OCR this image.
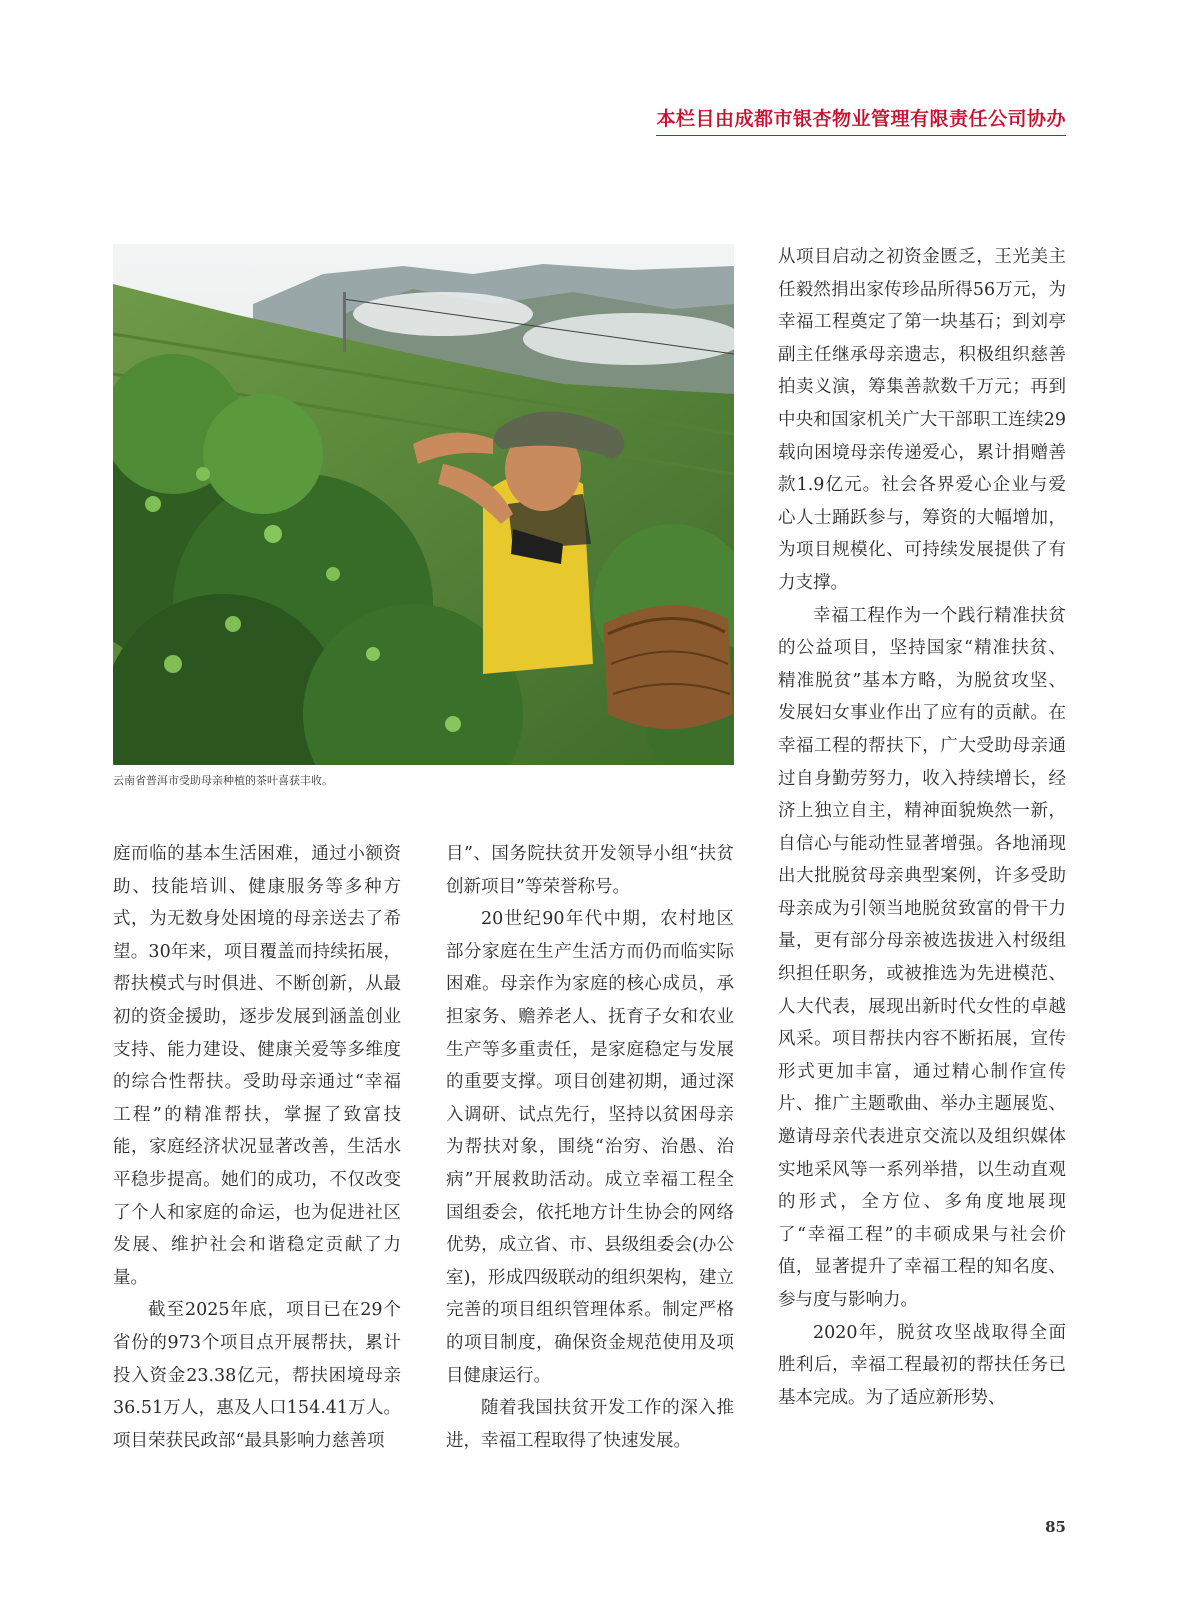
本栏目由成都市银杏物业管理有限责任公司协办
云南省普洱市受助母亲种植的茶叶喜获丰收。

庭而临的基本生活困难，通过小额资助、技能培训、健康服务等多种方式，为无数身处困境的母亲送去了希望。30年来，项目覆盖而持续拓展，帮扶模式与时俱进、不断创新，从最初的资金援助，逐步发展到涵盖创业支持、能力建设、健康关爱等多维度的综合性帮扶。受助母亲通过“幸福工程”的精准帮扶，掌握了致富技能，家庭经济状况显著改善，生活水平稳步提高。她们的成功，不仅改变了个人和家庭的命运，也为促进社区发展、维护社会和谐稳定贡献了力量。

截至2025年底，项目已在29个省份的973个项目点开展帮扶，累计投入资金23.38亿元，帮扶困境母亲36.51万人，惠及人口154.41万人。项目荣获民政部“最具影响力慈善项

目”、国务院扶贫开发领导小组“扶贫创新项目”等荣誉称号。

20世纪90年代中期，农村地区部分家庭在生产生活方而仍而临实际困难。母亲作为家庭的核心成员，承担家务、赡养老人、抚育子女和农业生产等多重责任，是家庭稳定与发展的重要支撑。项目创建初期，通过深入调研、试点先行，坚持以贫困母亲为帮扶对象，围绕“治穷、治愚、治病”开展救助活动。成立幸福工程全国组委会，依托地方计生协会的网络优势，成立省、市、县级组委会(办公室)，形成四级联动的组织架构，建立完善的项目组织管理体系。制定严格的项目制度，确保资金规范使用及项目健康运行。

随着我国扶贫开发工作的深入推进，幸福工程取得了快速发展。

从项目启动之初资金匮乏，王光美主任毅然捐出家传珍品所得56万元，为幸福工程奠定了第一块基石；到刘亭副主任继承母亲遗志，积极组织慈善拍卖义演，筹集善款数千万元；再到中央和国家机关广大干部职工连续29载向困境母亲传递爱心，累计捐赠善款1.9亿元。社会各界爱心企业与爱心人士踊跃参与，筹资的大幅增加，为项目规模化、可持续发展提供了有力支撑。

幸福工程作为一个践行精准扶贫的公益项目，坚持国家“精准扶贫、精准脱贫”基本方略，为脱贫攻坚、发展妇女事业作出了应有的贡献。在幸福工程的帮扶下，广大受助母亲通过自身勤劳努力，收入持续增长，经济上独立自主，精神面貌焕然一新，自信心与能动性显著增强。各地涌现出大批脱贫母亲典型案例，许多受助母亲成为引领当地脱贫致富的骨干力量，更有部分母亲被选拔进入村级组织担任职务，或被推选为先进模范、人大代表，展现出新时代女性的卓越风采。项目帮扶内容不断拓展，宣传形式更加丰富，通过精心制作宣传片、推广主题歌曲、举办主题展览、邀请母亲代表进京交流以及组织媒体实地采风等一系列举措，以生动直观的形式，全方位、多角度地展现了“幸福工程”的丰硕成果与社会价值，显著提升了幸福工程的知名度、参与度与影响力。

2020年，脱贫攻坚战取得全面胜利后，幸福工程最初的帮扶任务已基本完成。为了适应新形势、

85
